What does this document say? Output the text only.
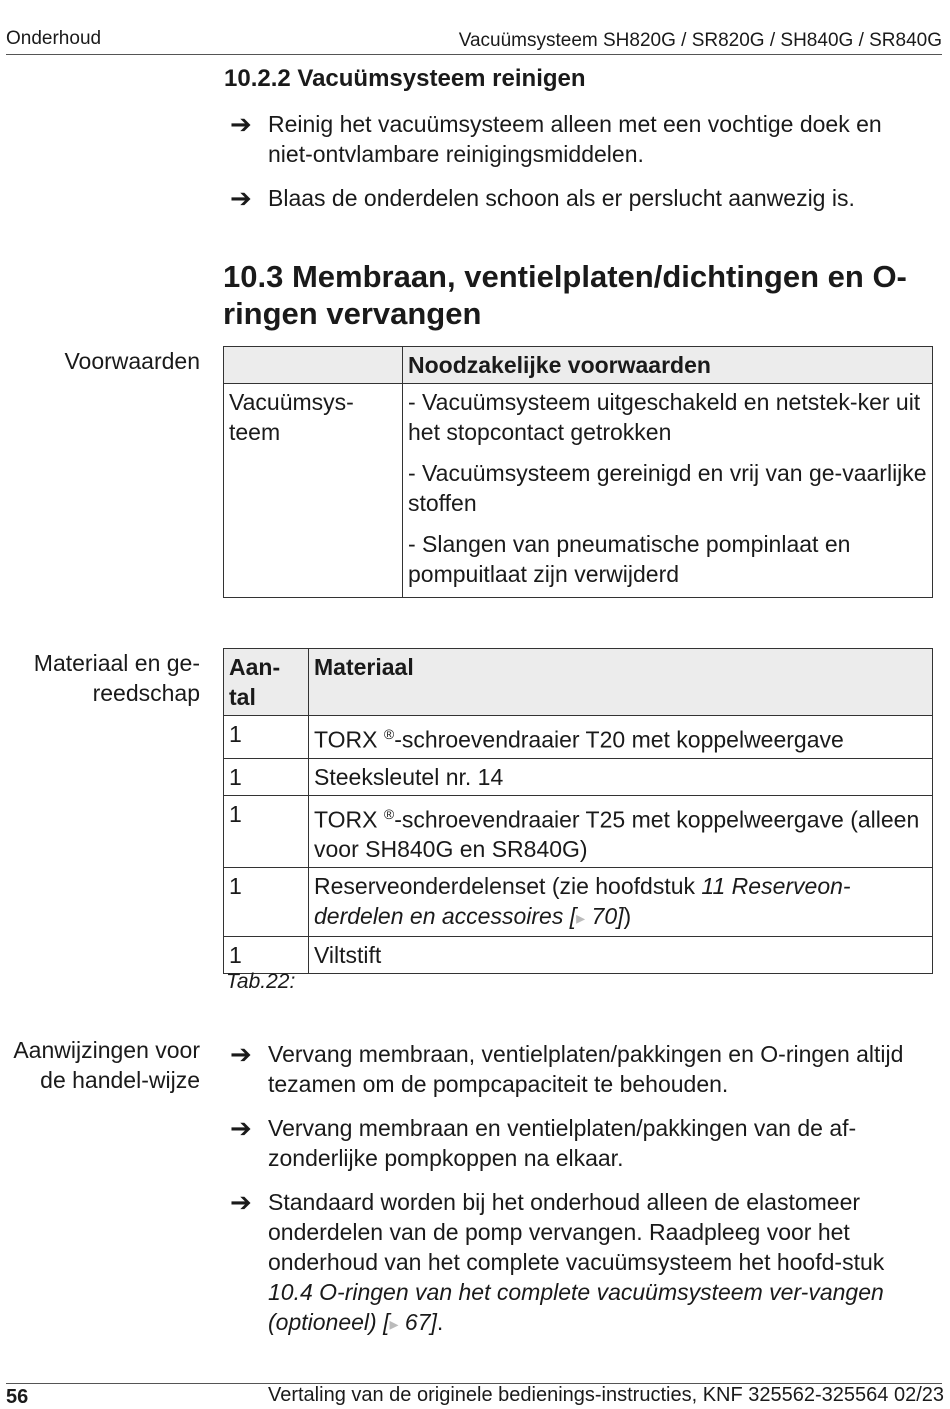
Onderhoud	Vacuümsysteem SH820G / SR820G / SH840G / SR840G
10.2.2 Vacuümsysteem reinigen
➔ Reinig het vacuümsysteem alleen met een vochtige doek en niet-ontvlambare reinigingsmiddelen.
➔ Blaas de onderdelen schoon als er perslucht aanwezig is.
10.3 Membraan, ventielplaten/dichtingen en O-ringen vervangen
Voorwaarden
		Noodzakelijke voorwaarden
Vacuümsys-teem	- Vacuümsysteem uitgeschakeld en netstek-ker uit het stopcontact getrokken
	- Vacuümsysteem gereinigd en vrij van ge-vaarlijke stoffen
	- Slangen van pneumatische pompinlaat en pompuitlaat zijn verwijderd
Materiaal en ge-reedschap
Aan-tal	Materiaal
1	TORX ®-schroevendraaier T20 met koppelweergave
1	Steeksleutel nr. 14
1	TORX ®-schroevendraaier T25 met koppelweergave (alleen voor SH840G en SR840G)
1	Reserveonderdelenset (zie hoofdstuk 11 Reserveon-derdelen en accessoires [▸ 70])
1	Viltstift
Tab.22:
Aanwijzingen voor de handel-wijze
➔ Vervang membraan, ventielplaten/pakkingen en O-ringen altijd tezamen om de pompcapaciteit te behouden.
➔ Vervang membraan en ventielplaten/pakkingen van de af-zonderlijke pompkoppen na elkaar.
➔ Standaard worden bij het onderhoud alleen de elastomeer onderdelen van de pomp vervangen. Raadpleeg voor het onderhoud van het complete vacuümsysteem het hoofd-stuk 10.4 O-ringen van het complete vacuümsysteem ver-vangen (optioneel) [▸ 67].
56	Vertaling van de originele bedienings-instructies, KNF 325562-325564 02/23
